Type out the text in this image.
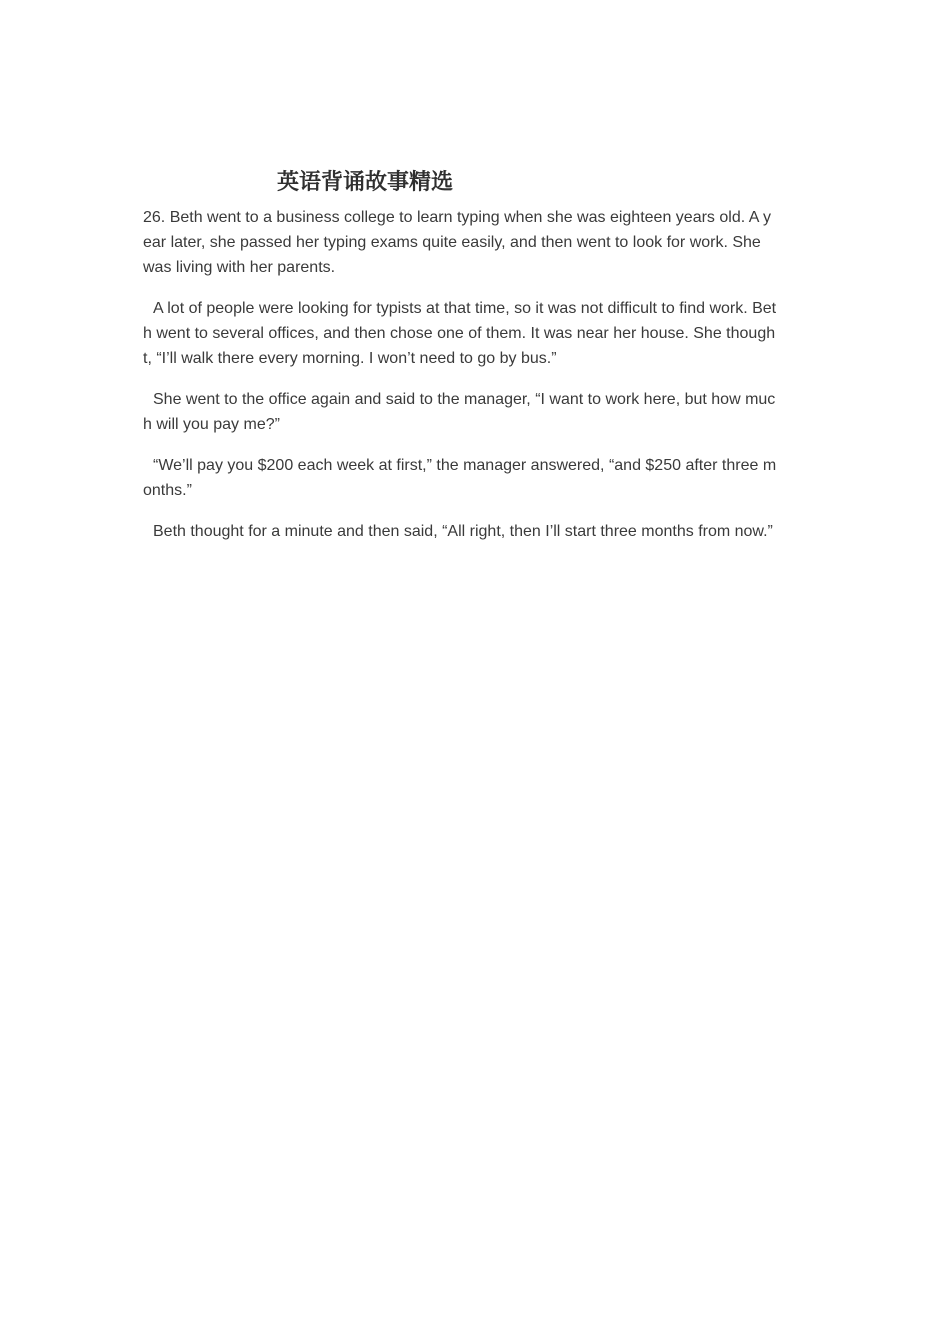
英语背诵故事精选

26. Beth went to a business college to learn typing when she was eighteen years old. A y
ear later, she passed her typing exams quite easily, and then went to look for work. She
was living with her parents.

A lot of people were looking for typists at that time, so it was not difficult to find work. Bet
h went to several offices, and then chose one of them. It was near her house. She though
t, “I’ll walk there every morning. I won’t need to go by bus.”

She went to the office again and said to the manager, “I want to work here, but how muc
h will you pay me?”

“We’ll pay you $200 each week at first,” the manager answered, “and $250 after three m
onths.”

Beth thought for a minute and then said, “All right, then I’ll start three months from now.”
